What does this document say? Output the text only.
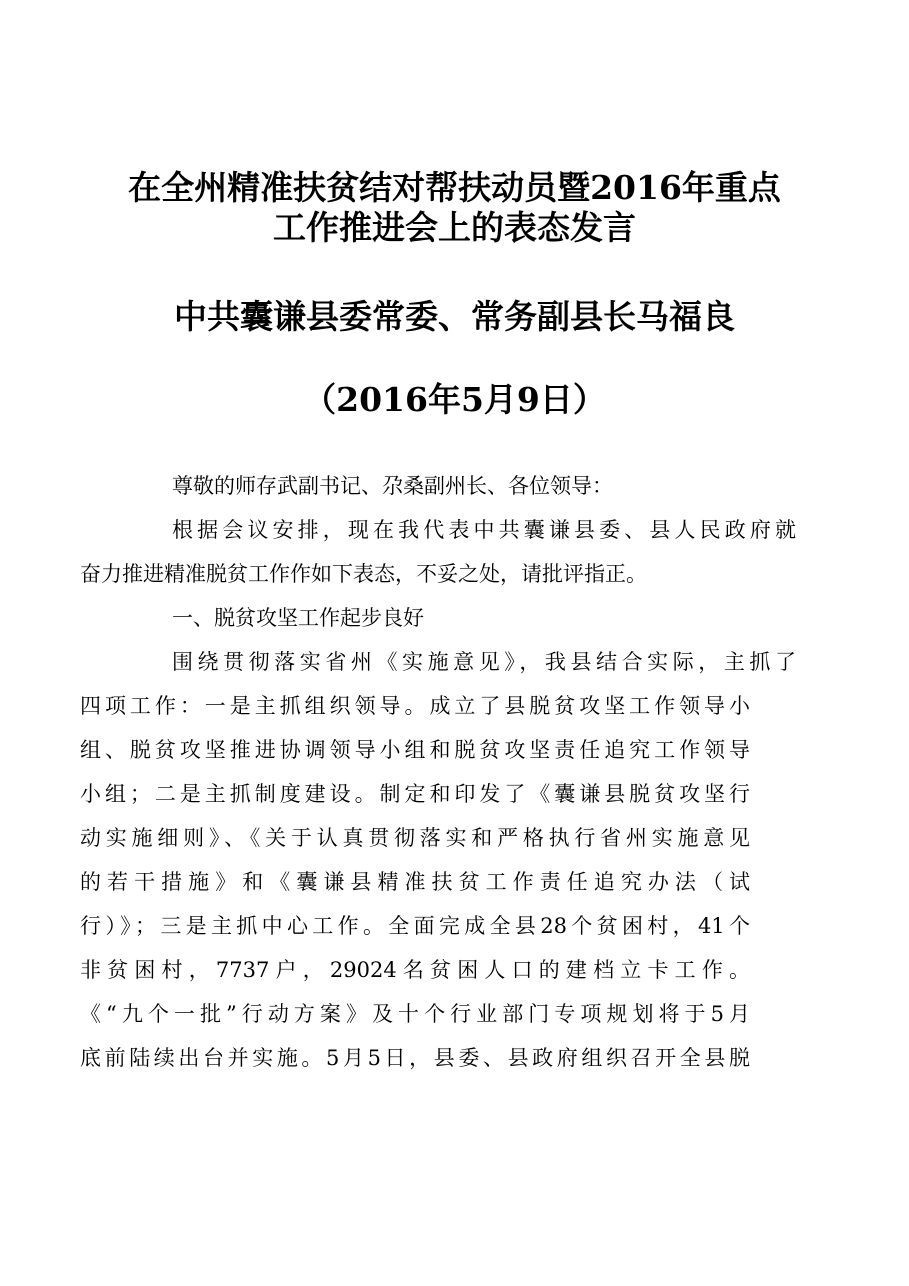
在全州精准扶贫结对帮扶动员暨2016年重点
工作推进会上的表态发言
中共囊谦县委常委、常务副县长马福良
（2016年5月9日）
尊敬的师存武副书记、尕桑副州长、各位领导：
根据会议安排，现在我代表中共囊谦县委、县人民政府就
奋力推进精准脱贫工作作如下表态，不妥之处，请批评指正。
一、脱贫攻坚工作起步良好
围绕贯彻落实省州《实施意见》，我县结合实际，主抓了
四项工作：一是主抓组织领导。成立了县脱贫攻坚工作领导小
组、脱贫攻坚推进协调领导小组和脱贫攻坚责任追究工作领导
小组；二是主抓制度建设。制定和印发了《囊谦县脱贫攻坚行
动实施细则》、《关于认真贯彻落实和严格执行省州实施意见
的若干措施》和《囊谦县精准扶贫工作责任追究办法（试
行）》；三是主抓中心工作。全面完成全县28个贫困村，41个
非贫困村，7737户，29024名贫困人口的建档立卡工作。
《“九个一批”行动方案》及十个行业部门专项规划将于5月
底前陆续出台并实施。5月5日，县委、县政府组织召开全县脱
